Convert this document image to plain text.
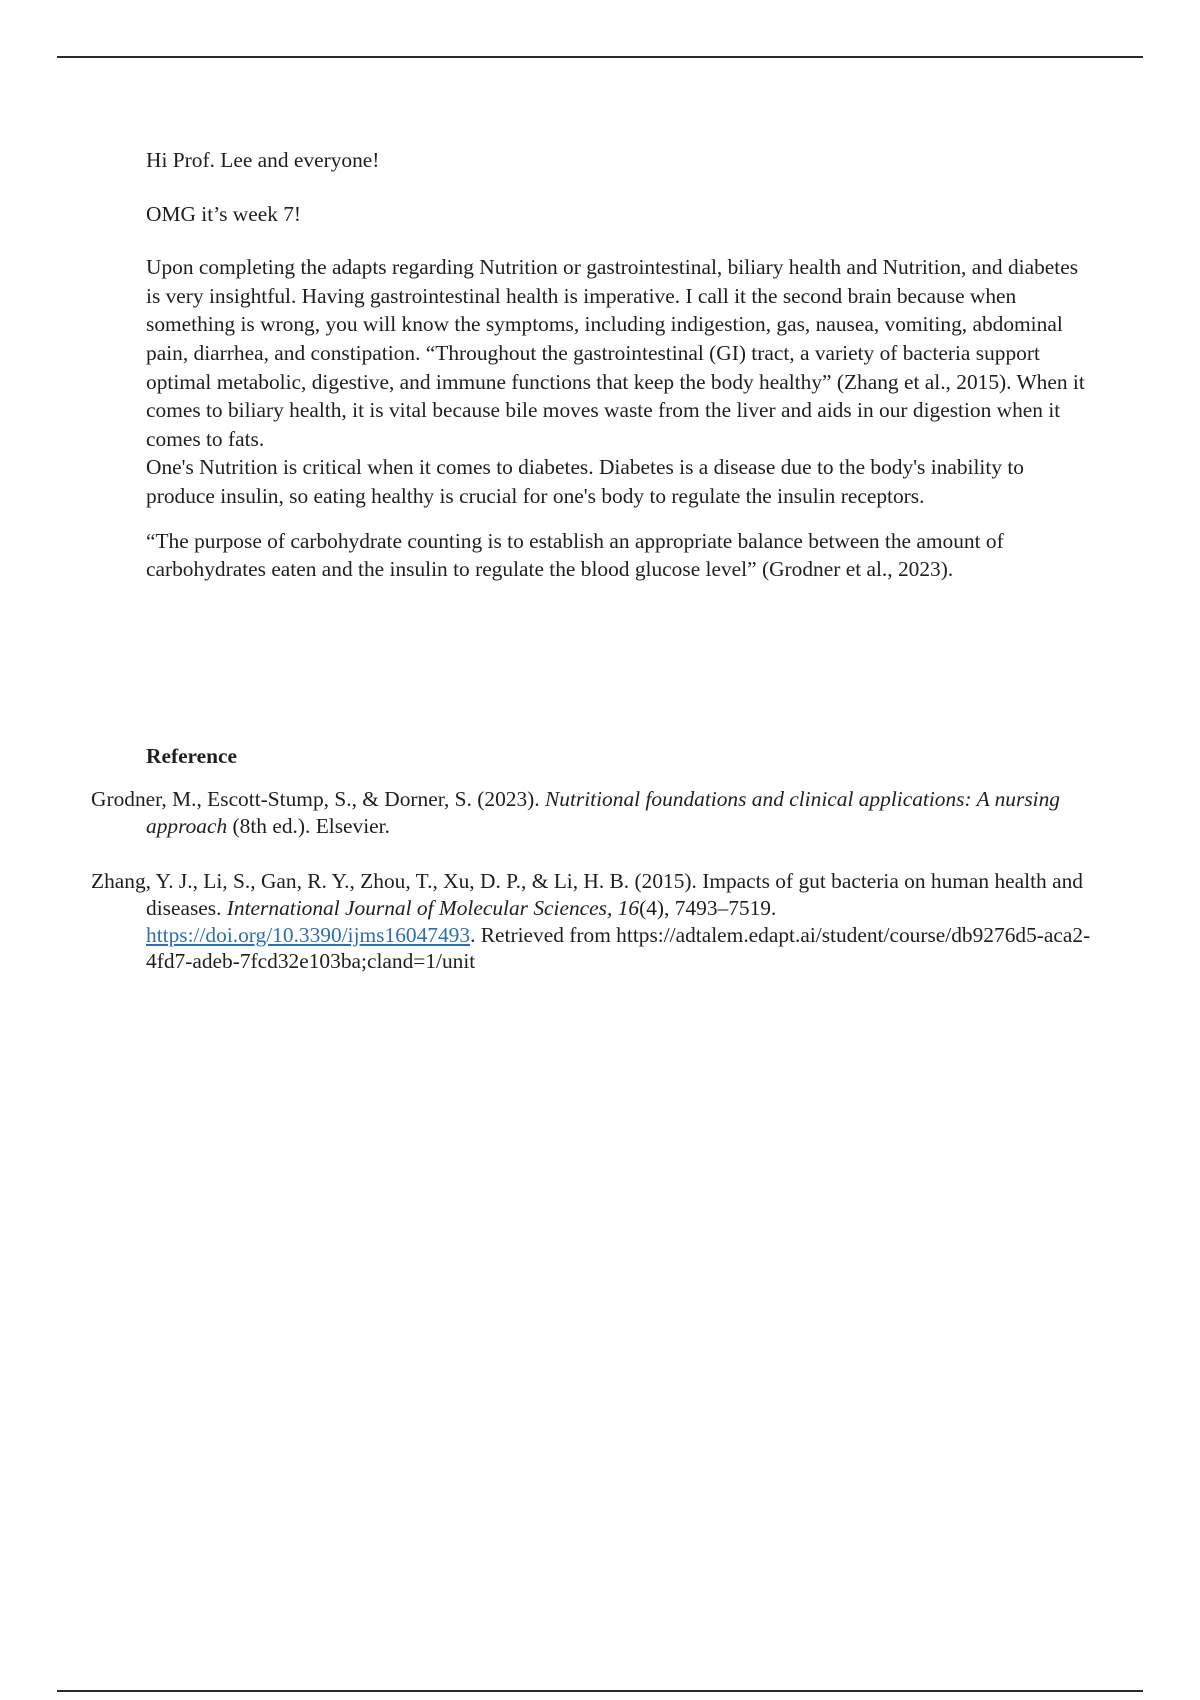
Hi Prof. Lee and everyone!

OMG it’s week 7!

Upon completing the adapts regarding Nutrition or gastrointestinal, biliary health and Nutrition, and diabetes is very insightful. Having gastrointestinal health is imperative. I call it the second brain because when something is wrong, you will know the symptoms, including indigestion, gas, nausea, vomiting, abdominal pain, diarrhea, and constipation. “Throughout the gastrointestinal (GI) tract, a variety of bacteria support optimal metabolic, digestive, and immune functions that keep the body healthy” (Zhang et al., 2015). When it comes to biliary health, it is vital because bile moves waste from the liver and aids in our digestion when it comes to fats.

One's Nutrition is critical when it comes to diabetes. Diabetes is a disease due to the body's inability to produce insulin, so eating healthy is crucial for one's body to regulate the insulin receptors.

“The purpose of carbohydrate counting is to establish an appropriate balance between the amount of carbohydrates eaten and the insulin to regulate the blood glucose level” (Grodner et al., 2023).

Reference

Grodner, M., Escott-Stump, S., & Dorner, S. (2023). Nutritional foundations and clinical applications: A nursing approach (8th ed.). Elsevier.

Zhang, Y. J., Li, S., Gan, R. Y., Zhou, T., Xu, D. P., & Li, H. B. (2015). Impacts of gut bacteria on human health and diseases. International Journal of Molecular Sciences, 16(4), 7493–7519. https://doi.org/10.3390/ijms16047493. Retrieved from https://adtalem.edapt.ai/student/course/db9276d5-aca2-4fd7-adeb-7fcd32e103ba;cland=1/unit
